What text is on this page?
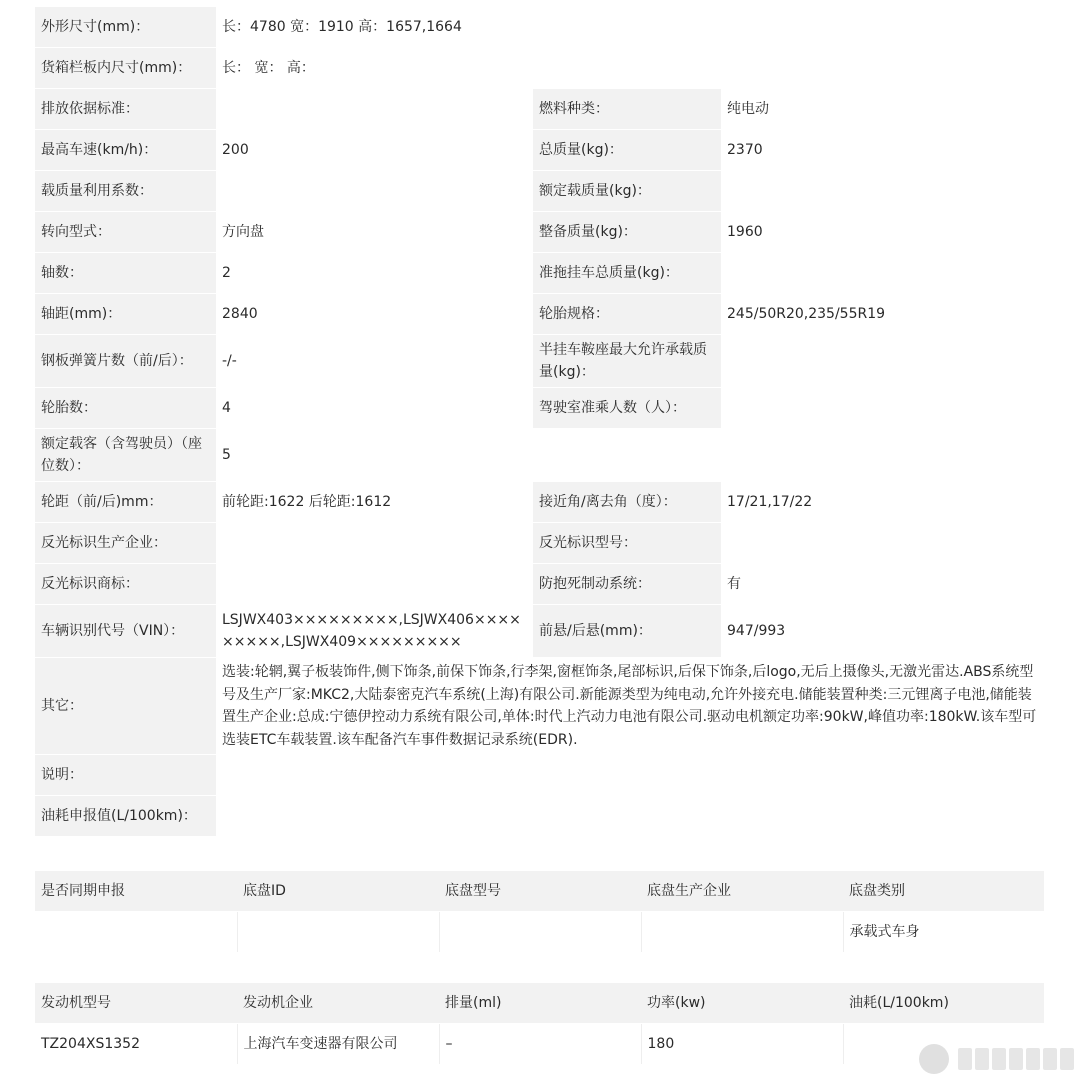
外形尺寸(mm)：	长：4780 宽：1910 高：1657,1664		
货箱栏板内尺寸(mm)：	长： 宽： 高：		
排放依据标准：		燃料种类：	纯电动
最高车速(km/h)：	200	总质量(kg)：	2370
载质量利用系数：		额定载质量(kg)：	
转向型式：	方向盘	整备质量(kg)：	1960
轴数：	2	准拖挂车总质量(kg)：	
轴距(mm)：	2840	轮胎规格：	245/50R20,235/55R19
钢板弹簧片数（前/后）：	-/-	半挂车鞍座最大允许承载质量(kg)：	
轮胎数：	4	驾驶室准乘人数（人）：	
额定载客（含驾驶员）（座位数）：	5		
轮距（前/后)mm：	前轮距:1622 后轮距:1612	接近角/离去角（度）：	17/21,17/22
反光标识生产企业：		反光标识型号：	
反光标识商标：		防抱死制动系统：	有
车辆识别代号（VIN）：	LSJWX403×××××××××,LSJWX406×××××××××,LSJWX409×××××××××	前悬/后悬(mm)：	947/993
其它：	选装:轮辋,翼子板装饰件,侧下饰条,前保下饰条,行李架,窗框饰条,尾部标识,后保下饰条,后logo,无后上摄像头,无激光雷达.ABS系统型号及生产厂家:MKC2,大陆泰密克汽车系统(上海)有限公司.新能源类型为纯电动,允许外接充电.储能装置种类:三元锂离子电池,储能装置生产企业:总成:宁德伊控动力系统有限公司,单体:时代上汽动力电池有限公司.驱动电机额定功率:90kW,峰值功率:180kW.该车型可选装ETC车载装置.该车配备汽车事件数据记录系统(EDR).		
说明：			
油耗申报值(L/100km)：			
是否同期申报	底盘ID	底盘型号	底盘生产企业	底盘类别
				承载式车身
发动机型号	发动机企业	排量(ml)	功率(kw)	油耗(L/100km)
TZ204XS1352	上海汽车变速器有限公司	–	180	
